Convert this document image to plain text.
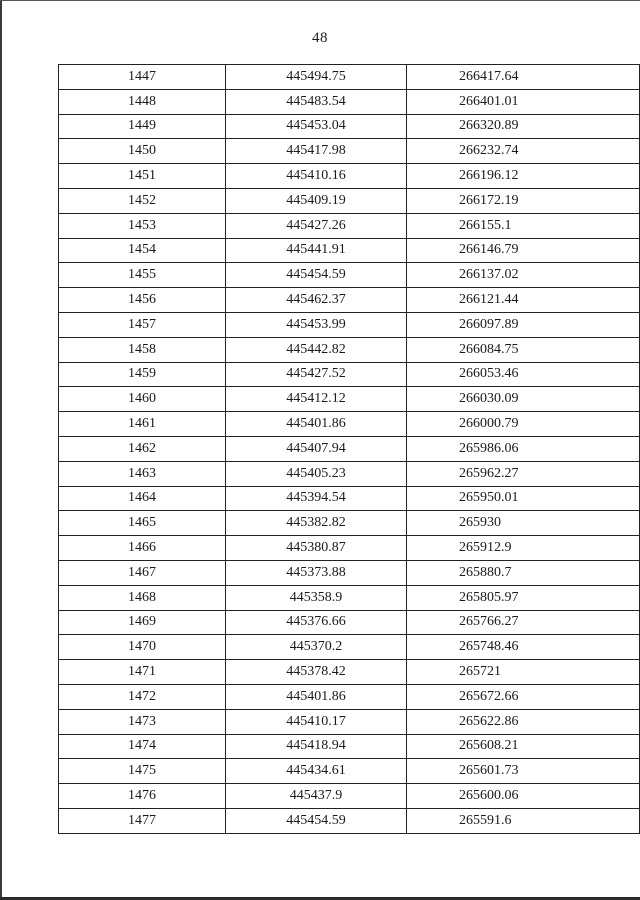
48
1447	445494.75	266417.64
1448	445483.54	266401.01
1449	445453.04	266320.89
1450	445417.98	266232.74
1451	445410.16	266196.12
1452	445409.19	266172.19
1453	445427.26	266155.1
1454	445441.91	266146.79
1455	445454.59	266137.02
1456	445462.37	266121.44
1457	445453.99	266097.89
1458	445442.82	266084.75
1459	445427.52	266053.46
1460	445412.12	266030.09
1461	445401.86	266000.79
1462	445407.94	265986.06
1463	445405.23	265962.27
1464	445394.54	265950.01
1465	445382.82	265930
1466	445380.87	265912.9
1467	445373.88	265880.7
1468	445358.9	265805.97
1469	445376.66	265766.27
1470	445370.2	265748.46
1471	445378.42	265721
1472	445401.86	265672.66
1473	445410.17	265622.86
1474	445418.94	265608.21
1475	445434.61	265601.73
1476	445437.9	265600.06
1477	445454.59	265591.6
